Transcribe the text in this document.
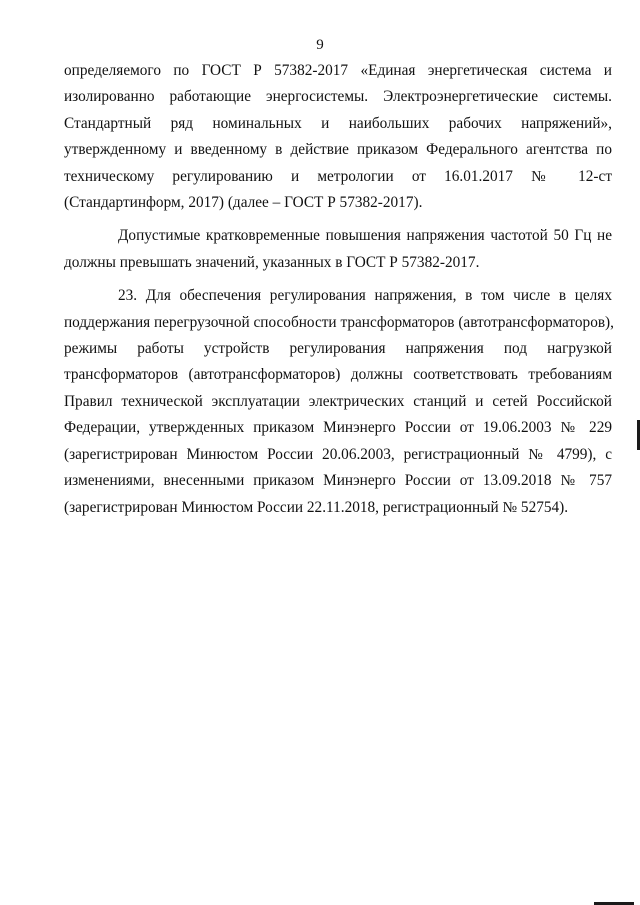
9

определяемого по ГОСТ Р 57382-2017 «Единая энергетическая система и
изолированно работающие энергосистемы. Электроэнергетические системы.
Стандартный ряд номинальных и наибольших рабочих напряжений»,
утвержденному и введенному в действие приказом Федерального агентства по
техническому регулированию и метрологии от 16.01.2017 № 12-ст
(Стандартинформ, 2017) (далее – ГОСТ Р 57382-2017).

Допустимые кратковременные повышения напряжения частотой 50 Гц не
должны превышать значений, указанных в ГОСТ Р 57382-2017.

23. Для обеспечения регулирования напряжения, в том числе в целях
поддержания перегрузочной способности трансформаторов (автотрансформаторов),
режимы работы устройств регулирования напряжения под нагрузкой
трансформаторов (автотрансформаторов) должны соответствовать требованиям
Правил технической эксплуатации электрических станций и сетей Российской
Федерации, утвержденных приказом Минэнерго России от 19.06.2003 № 229
(зарегистрирован Минюстом России 20.06.2003, регистрационный № 4799), с
изменениями, внесенными приказом Минэнерго России от 13.09.2018 № 757
(зарегистрирован Минюстом России 22.11.2018, регистрационный № 52754).
